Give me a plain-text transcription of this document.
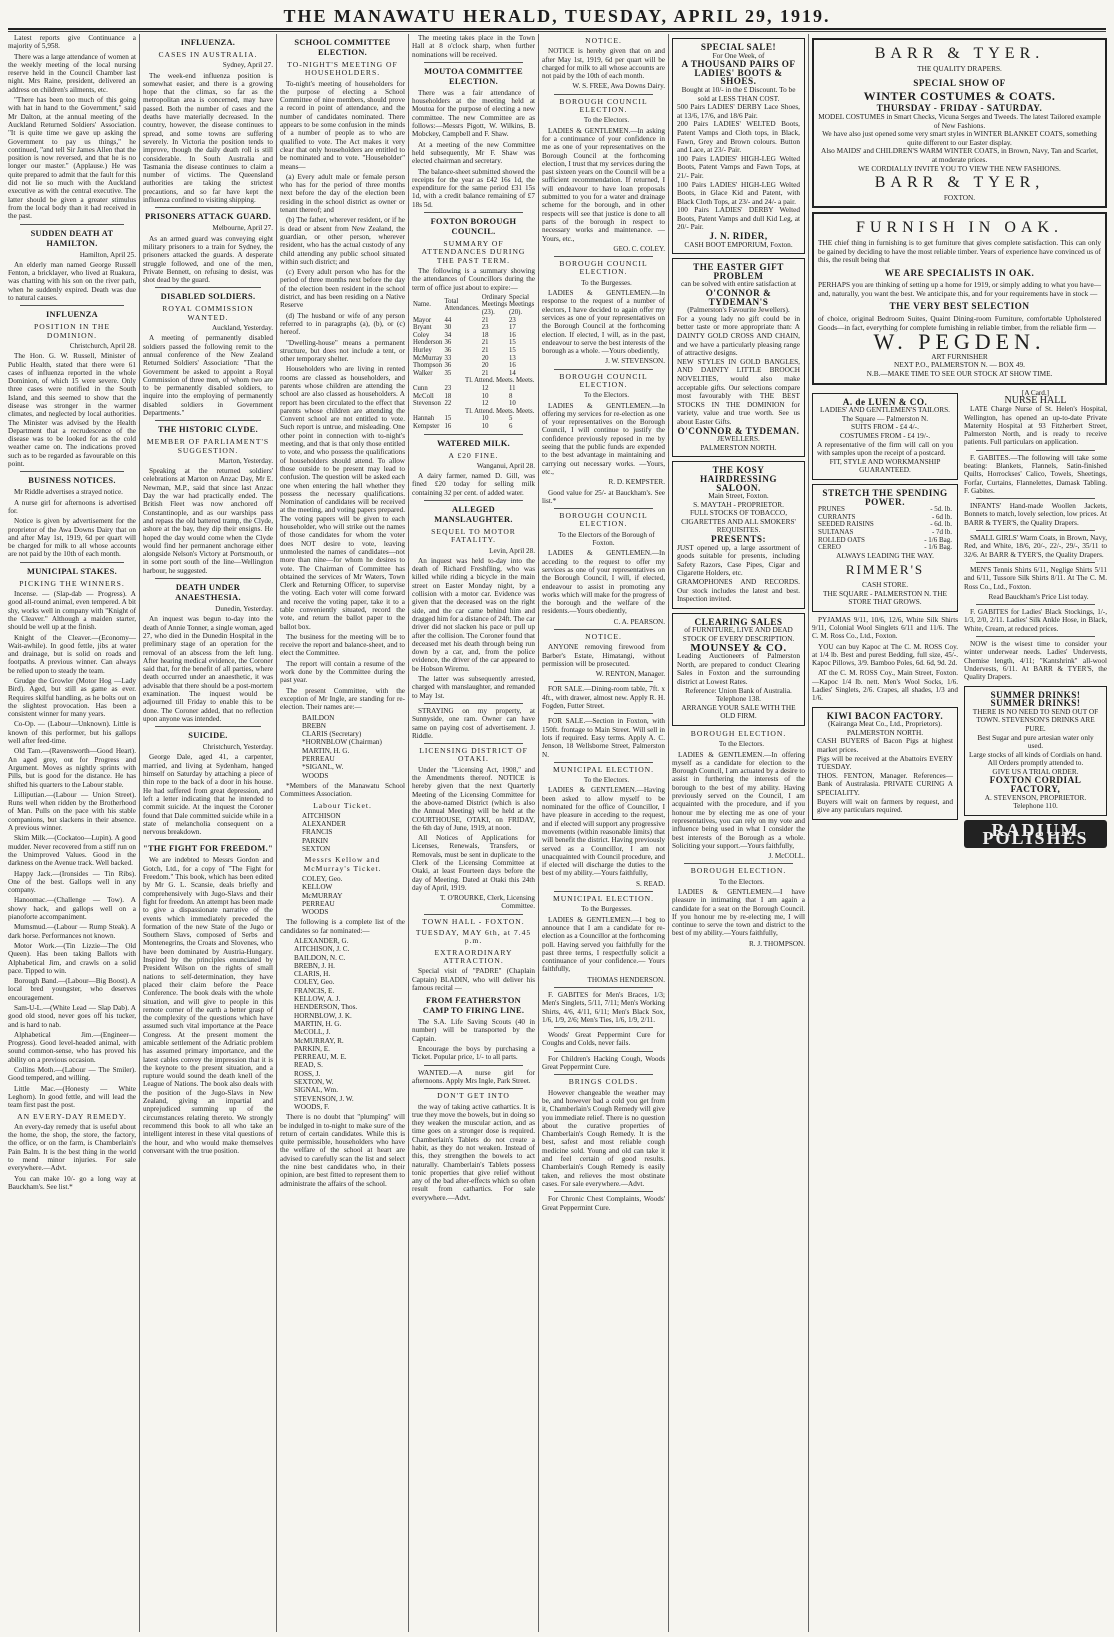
THE MANAWATU HERALD, TUESDAY, APRIL 29, 1919.

Latest reports give Continuance a majority of 5,958.

There was a large attendance of women at the weekly meeting of the local nursing reserve held in the Council Chamber last night. Mrs Raine, president, delivered an address on children's ailments, etc.

"There has been too much of this going with hat in hand to the Government," said Mr Dalton, at the annual meeting of the Auckland Returned Soldiers' Association. "It is quite time we gave up asking the Government to pay us things," he continued, "and tell Sir James Allen that the position is now reversed, and that he is no longer our master." (Applause.) He was quite prepared to admit that the fault for this did not lie so much with the Auckland executive as with the central executive. The latter should be given a greater stimulus from the local body than it had received in the past.

SUDDEN DEATH AT HAMILTON.

Hamilton, April 25.

An elderly man named George Russell Fenton, a bricklayer, who lived at Ruakura, was chatting with his son on the river path, when he suddenly expired. Death was due to natural causes.

INFLUENZA
POSITION IN THE DOMINION.

Christchurch, April 28.

The Hon. G. W. Russell, Minister of Public Health, stated that there were 61 cases of influenza reported in the whole Dominion, of which 15 were severe. Only three cases were notified in the South Island, and this seemed to show that the disease was stronger in the warmer climates, and neglected by local authorities. The Minister was advised by the Health Department that a recrudescence of the disease was to be looked for as the cold weather came on. The indications proved such as to be regarded as favourable on this point.

BUSINESS NOTICES.

Mr Riddle advertises a strayed notice.

A nurse girl for afternoons is advertised for.

Notice is given by advertisement for the proprietor of the Awa Downs Dairy that on and after May 1st, 1919, 6d per quart will be charged for milk to all whose accounts are not paid by the 10th of each month.

MUNICIPAL STAKES.
PICKING THE WINNERS.

Incense. — (Slap-dab — Progress). A good all-round animal, even tempered. A bit shy, works well in company with "Knight of the Cleaver." Although a maiden starter, should be well up at the finish.

Knight of the Cleaver.—(Economy—Wait-awhile). In good fettle, jibs at water and drainage, but is solid on roads and footpaths. A previous winner. Can always be relied upon to steady the team.

Grudge the Growler (Motor Hog —Lady Bird). Aged, but still as game as ever. Requires skilful handling, as he bolts out on the slightest provocation. Has been a consistent winner for many years.

Co-Op. — (Labour—Unknown). Little is known of this performer, but his gallops well after feed-time.

Old Tam.—(Ravensworth—Good Heart). An aged grey, out for Progress and Argument. Moves as nightly sprints with Pills, but is good for the distance. He has shifted his quarters to the Labour stable.

Lilliputian.—(Labour — Union Street). Runs well when ridden by the Brotherhood of Man. Pulls on the pace with his stable companions, but slackens in their absence. A previous winner.

Skim Milk.—(Cockatoo—Lupin). A good mudder. Never recovered from a stiff run on the Unimproved Values. Good in the darkness on the Avenue track. Well backed.

Happy Jack.—(Ironsides — Tin Ribs). One of the best. Gallops well in any company.

Hanoomac.—(Challenge — Tow). A showy hack, and gallops well on a pianoforte accompaniment.

Mumsmud.—(Labour — Rump Steak). A dark horse. Performances not known.

Motor Work.—(Tin Lizzie—The Old Queen). Has been taking Ballots with Alphabetical Jim, and crawls on a solid pace. Tipped to win.

Borough Band.—(Labour—Big Boost). A local bred youngster, who deserves encouragement.

Sam-U-L.—(White Lead — Slap Dab). A good old stood, never goes off his tucker, and is hard to nab.

Alphabetical Jim.—(Engineer—Progress). Good level-headed animal, with sound common-sense, who has proved his ability on a previous occasion.

Collins Moth.—(Labour — The Smiler). Good tempered, and willing.

Little Mac.—(Honesty — White Leghorn). In good fettle, and will lead the team first past the post.

AN EVERY-DAY REMEDY.

An every-day remedy that is useful about the home, the shop, the store, the factory, the office, or on the farm, is Chamberlain's Pain Balm. It is the best thing in the world to mend minor injuries. For sale everywhere.—Advt.

You can make 10/- go a long way at Bauckham's. See list.*

INFLUENZA.
CASES IN AUSTRALIA.

Sydney, April 27.

The week-end influenza position is somewhat easier, and there is a growing hope that the climax, so far as the metropolitan area is concerned, may have passed. Both the number of cases and the deaths have materially decreased. In the country, however, the disease continues to spread, and some towns are suffering severely. In Victoria the position tends to improve, though the daily death roll is still considerable. In South Australia and Tasmania the disease continues to claim a number of victims. The Queensland authorities are taking the strictest precautions, and so far have kept the influenza confined to visiting shipping.

PRISONERS ATTACK GUARD.

Melbourne, April 27.

As an armed guard was conveying eight military prisoners to a train for Sydney, the prisoners attacked the guards. A desperate struggle followed, and one of the men, Private Bennett, on refusing to desist, was shot dead by the guard.

DISABLED SOLDIERS.
ROYAL COMMISSION WANTED.

Auckland, Yesterday.

A meeting of permanently disabled soldiers passed the following remit to the annual conference of the New Zealand Returned Soldiers' Association: "That the Government be asked to appoint a Royal Commission of three men, of whom two are to be permanently disabled soldiers, to inquire into the employing of permanently disabled soldiers in Government Departments."

THE HISTORIC CLYDE.
MEMBER OF PARLIAMENT'S SUGGESTION.

Marton, Yesterday.

Speaking at the returned soldiers' celebrations at Marton on Anzac Day, Mr E. Newman, M.P., said that since last Anzac Day the war had practically ended. The British Fleet was now anchored off Constantinople, and as our warships pass and repass the old battered tramp, the Clyde, ashore at the bay, they dip their ensigns. He hoped the day would come when the Clyde would find her permanent anchorage either alongside Nelson's Victory at Portsmouth, or in some port south of the line—Wellington harbour, he suggested.

DEATH UNDER ANAESTHESIA.

Dunedin, Yesterday.

An inquest was begun to-day into the death of Annie Tonner, a single woman, aged 27, who died in the Dunedin Hospital in the preliminary stage of an operation for the removal of an abscess from the left lung. After hearing medical evidence, the Coroner said that, for the benefit of all parties, where death occurred under an anaesthetic, it was advisable that there should be a post-mortem examination. The inquest would be adjourned till Friday to enable this to be done. The Coroner added, that no reflection upon anyone was intended.

SUICIDE.

Christchurch, Yesterday.

George Dale, aged 41, a carpenter, married, and living at Sydenham, hanged himself on Saturday by attaching a piece of thin rope to the back of a door in his house. He had suffered from great depression, and left a letter indicating that he intended to commit suicide. At the inquest the Coroner found that Dale committed suicide while in a state of melancholia consequent on a nervous breakdown.

"THE FIGHT FOR FREEDOM."

We are indebted to Messrs Gordon and Gotch, Ltd., for a copy of "The Fight for Freedom." This book, which has been edited by Mr G. L. Scansie, deals briefly and comprehensively with Jugo-Slavs and their fight for freedom. An attempt has been made to give a dispassionate narrative of the events which immediately preceded the formation of the new State of the Jugo or Southern Slavs, composed of Serbs and Montenegrins, the Croats and Slovenes, who have been dominated by Austria-Hungary. Inspired by the principles enunciated by President Wilson on the rights of small nations to self-determination, they have placed their claim before the Peace Conference. The book deals with the whole situation, and will give to people in this remote corner of the earth a better grasp of the complexity of the questions which have assumed such vital importance at the Peace Congress. At the present moment the amicable settlement of the Adriatic problem has assumed primary importance, and the latest cables convey the impression that it is the keynote to the present situation, and a rupture would sound the death knell of the League of Nations. The book also deals with the position of the Jugo-Slavs in New Zealand, giving an impartial and unprejudiced summing up of the circumstances relating thereto. We strongly recommend this book to all who take an intelligent interest in these vital questions of the hour, and who would make themselves conversant with the true position.

SCHOOL COMMITTEE ELECTION.
TO-NIGHT'S MEETING OF HOUSEHOLDERS.

To-night's meeting of householders for the purpose of electing a School Committee of nine members, should prove a record in point of attendance, and the number of candidates nominated. There appears to be some confusion in the minds of a number of people as to who are qualified to vote. The Act makes it very clear that only householders are entitled to be nominated and to vote. "Householder" means—

(a) Every adult male or female person who has for the period of three months next before the day of the election been residing in the school district as owner or tenant thereof; and

(b) The father, wherever resident, or if he is dead or absent from New Zealand, the guardian, or other person, wherever resident, who has the actual custody of any child attending any public school situated within such district; and

(c) Every adult person who has for the period of three months next before the day of the election been resident in the school district, and has been residing on a Native Reserve

(d) The husband or wife of any person referred to in paragraphs (a), (b), or (c) hereof.

"Dwelling-house" means a permanent structure, but does not include a tent, or other temporary shelter.

Householders who are living in rented rooms are classed as householders, and parents whose children are attending the school are also classed as householders. A report has been circulated to the effect that parents whose children are attending the Convent school are not entitled to vote. Such report is untrue, and misleading. One other point in connection with to-night's meeting, and that is that only those entitled to vote, and who possess the qualifications of householders should attend. To allow those outside to be present may lead to confusion. The question will be asked each one when entering the hall whether they possess the necessary qualifications. Nomination of candidates will be received at the meeting, and voting papers prepared. The voting papers will be given to each householder, who will strike out the names of those candidates for whom the voter does NOT desire to vote, leaving unmolested the names of candidates—not more than nine—for whom he desires to vote. The Chairman of Committee has obtained the services of Mr Waters, Town Clerk and Returning Officer, to supervise the voting. Each voter will come forward and receive the voting paper, take it to a table conveniently situated, record the vote, and return the ballot paper to the ballot box.

The business for the meeting will be to receive the report and balance-sheet, and to elect the Committee.

The report will contain a resume of the work done by the Committee during the past year.

The present Committee, with the exception of Mr Ingle, are standing for re-election. Their names are:—

BAILDON
BREBN
CLARIS (Secretary)
*HORNBLOW (Chairman)
MARTIN, H. G.
PERREAU
*SIGANL, W.
WOODS

*Members of the Manawatu School Committees Association.

Labour Ticket.
AITCHISON
ALEXANDER
FRANCIS
PARKIN
SEXTON
Messrs Kellow and McMurray's Ticket.
COLEY, Geo.
KELLOW
McMURRAY
PERREAU
WOODS

The following is a complete list of the candidates so far nominated:—

ALEXANDER, G.
AITCHISON, J. C.
BAILDON, N. C.
BREBN, J. H.
CLARIS, H.
COLEY, Geo.
FRANCIS, E.
KELLOW, A. J.
HENDERSON, Thos.
HORNBLOW, J. K.
MARTIN, H. G.
McCOLL, J.
McMURRAY, R.
PARKIN, E.
PERREAU, M. E.
READ, S.
ROSS, J.
SEXTON, W.
SIGNAL, Wm.
STEVENSON, J. W.
WOODS, F.

There is no doubt that "plumping" will be indulged in to-night to make sure of the return of certain candidates. While this is quite permissible, householders who have the welfare of the school at heart are advised to carefully scan the list and select the nine best candidates who, in their opinion, are best fitted to represent them to administrate the affairs of the school.

The meeting takes place in the Town Hall at 8 o'clock sharp, when further nominations will be received.

MOUTOA COMMITTEE ELECTION.

There was a fair attendance of householders at the meeting held at Moutoa for the purpose of electing a new committee. The new Committee are as follows:—Messrs Pigott, W. Wilkins, B. Mobckey, Campbell and F. Shaw.

At a meeting of the new Committee held subsequently, Mr F. Shaw was elected chairman and secretary.

The balance-sheet submitted showed the receipts for the year as £42 16s 1d, the expenditure for the same period £31 15s 1d, with a credit balance remaining of £7 18s 5d.

FOXTON BOROUGH COUNCIL.
SUMMARY OF ATTENDANCES DURING THE PAST TERM.

The following is a summary showing the attendances of Councillors during the term of office just about to expire:—

Name.	Total Attendances.	Ordinary Meetings (23).	Special Meetings (20).
Mayor	44	21	23
Bryant	30	23	17
Coley	34	18	16
Henderson	36	21	15
Hurley	36	21	15
McMurray	33	20	13
Thompson	36	20	16
Walker	35	21	14
Tl. Attend. Meets. Meets.			
Cunn	23	12	11
McColl	18	10	8
Stevenson	22	12	10
Tl. Attend. Meets. Meets.			
Hannah	15	10	5
Kempster	16	10	6
WATERED MILK.
A £20 FINE.

Wanganui, April 28.

A dairy farmer, named D. Gill, was fined £20 today for selling milk containing 32 per cent. of added water.

ALLEGED MANSLAUGHTER.
SEQUEL TO MOTOR FATALITY.

Levin, April 28.

An inquest was held to-day into the death of Richard Freshfling, who was killed while riding a bicycle in the main street on Easter Monday night, by a collision with a motor car. Evidence was given that the deceased was on the right side, and the car came behind him and dragged him for a distance of 24ft. The car driver did not slacken his pace or pull up after the collision. The Coroner found that deceased met his death through being run down by a car, and, from the police evidence, the driver of the car appeared to be Hobson Wiremu.

The latter was subsequently arrested, charged with manslaughter, and remanded to May 1st.

STRAYING on my property, at Sunnyside, one ram. Owner can have same on paying cost of advertisement. J. Riddle.

LICENSING DISTRICT OF OTAKI.

Under the "Licensing Act, 1908," and the Amendments thereof. NOTICE is hereby given that the next Quarterly Meeting of the Licensing Committee for the above-named District (which is also the Annual Meeting) will be held at the COURTHOUSE, OTAKI, on FRIDAY, the 6th day of June, 1919, at noon.

All Notices of Applications for Licenses, Renewals, Transfers, or Removals, must be sent in duplicate to the Clerk of the Licensing Committee at Otaki, at least Fourteen days before the day of Meeting. Dated at Otaki this 24th day of April, 1919.

T. O'ROURKE, Clerk, Licensing Committee.

TOWN HALL - FOXTON.
TUESDAY, MAY 6th, at 7.45 p.m.
EXTRAORDINARY ATTRACTION.

Special visit of "PADRE" (Chaplain Captain) BLADIN, who will deliver his famous recital —

FROM FEATHERSTON CAMP TO FIRING LINE.

The S.A. Life Saving Scouts (40 in number) will be transported by the Captain.

Encourage the boys by purchasing a Ticket. Popular price, 1/- to all parts.

WANTED.—A nurse girl for afternoons. Apply Mrs Ingle, Park Street.

DON'T GET INTO

the way of taking active cathartics. It is true they move the bowels, but in doing so they weaken the muscular action, and as time goes on a stronger dose is required. Chamberlain's Tablets do not create a habit, as they do not weaken. Instead of this, they strengthen the bowels to act naturally. Chamberlain's Tablets possess tonic properties that give relief without any of the bad after-effects which so often result from cathartics. For sale everywhere.—Advt.

NOTICE.

NOTICE is hereby given that on and after May 1st, 1919, 6d per quart will be charged for milk to all whose accounts are not paid by the 10th of each month.

W. S. FREE, Awa Downs Dairy.

BOROUGH COUNCIL ELECTION.

To the Electors.

LADIES & GENTLEMEN.—In asking for a continuance of your confidence in me as one of your representatives on the Borough Council at the forthcoming election, I trust that my services during the past sixteen years on the Council will be a sufficient recommendation. If returned, I will endeavour to have loan proposals submitted to you for a water and drainage scheme for the borough, and in other respects will see that justice is done to all parts of the borough in respect to necessary works and maintenance. —Yours, etc.,

GEO. C. COLEY.

BOROUGH COUNCIL ELECTION.

To the Burgesses.

LADIES & GENTLEMEN.—In response to the request of a number of electors, I have decided to again offer my services as one of your representatives on the Borough Council at the forthcoming election. If elected, I will, as in the past, endeavour to serve the best interests of the borough as a whole. —Yours obediently,

J. W. STEVENSON.

BOROUGH COUNCIL ELECTION.

To the Electors.

LADIES & GENTLEMEN.—In offering my services for re-election as one of your representatives on the Borough Council, I will continue to justify the confidence previously reposed in me by seeing that the public funds are expended to the best advantage in maintaining and carrying out necessary works. —Yours, etc.,

R. D. KEMPSTER.

Good value for 25/- at Bauckham's. See list.*

BOROUGH COUNCIL ELECTION.

To the Electors of the Borough of Foxton.

LADIES & GENTLEMEN.—In acceding to the request to offer my services as one of your representatives on the Borough Council, I will, if elected, endeavour to assist in promoting any works which will make for the progress of the borough and the welfare of the residents.—Yours obediently,

C. A. PEARSON.

NOTICE.

ANYONE removing firewood from Barber's Estate, Himatangi, without permission will be prosecuted.

W. RENTON, Manager.

FOR SALE.—Dining-room table, 7ft. x 4ft., with drawer, almost new. Apply R. H. Fogden, Futter Street.

FOR SALE.—Section in Foxton, with 150ft. frontage to Main Street. Will sell in lots if required. Easy terms. Apply A. C. Jenson, 18 Wellsborne Street, Palmerston N.

MUNICIPAL ELECTION.

To the Electors.

LADIES & GENTLEMEN.—Having been asked to allow myself to be nominated for the office of Councillor, I have pleasure in acceding to the request, and if elected will support any progressive movements (within reasonable limits) that will benefit the district. Having previously served as a Councillor, I am not unacquainted with Council procedure, and if elected will discharge the duties to the best of my ability.—Yours faithfully,

S. READ.

MUNICIPAL ELECTION.

To the Burgesses.

LADIES & GENTLEMEN.—I beg to announce that I am a candidate for re-election as a Councillor at the forthcoming poll. Having served you faithfully for the past three terms, I respectfully solicit a continuance of your confidence.— Yours faithfully,

THOMAS HENDERSON.

F. GABITES for Men's Braces, 1/3; Men's Singlets, 5/11, 7/11; Men's Working Shirts, 4/6, 4/11, 6/11; Men's Black Sox, 1/6, 1/9, 2/6; Men's Ties, 1/6, 1/9, 2/11.

Woods' Great Peppermint Cure for Coughs and Colds, never fails.

For Children's Hacking Cough, Woods Great Peppermint Cure.

BRINGS COLDS.

However changeable the weather may be, and however bad a cold you get from it, Chamberlain's Cough Remedy will give you immediate relief. There is no question about the curative properties of Chamberlain's Cough Remedy. It is the best, safest and most reliable cough medicine sold. Young and old can take it and feel certain of good results. Chamberlain's Cough Remedy is easily taken, and relieves the most obstinate cases. For sale everywhere.—Advt.

For Chronic Chest Complaints, Woods' Great Peppermint Cure.

SPECIAL SALE!
For One Week, of
A THOUSAND PAIRS OF LADIES' BOOTS & SHOES.
Bought at 10/- in the £ Discount. To be sold at LESS THAN COST.
500 Pairs LADIES' DERBY Lace Shoes, at 13/6, 17/6, and 18/6 Pair.
200 Pairs LADIES' WELTED Boots, Patent Vamps and Cloth tops, in Black, Fawn, Grey and Brown colours. Button and Lace, at 23/- Pair.
100 Pairs LADIES' HIGH-LEG Welted Boots, Patent Vamps and Fawn Tops, at 21/- Pair.
100 Pairs LADIES' HIGH-LEG Welted Boots, in Glace Kid and Patent, with Black Cloth Tops, at 23/- and 24/- a pair.
100 Pairs LADIES' DERBY Welted Boots, Patent Vamps and dull Kid Leg, at 20/- Pair.
J. N. RIDER,
CASH BOOT EMPORIUM, Foxton.
THE EASTER GIFT PROBLEM
can be solved with entire satisfaction at
O'CONNOR & TYDEMAN'S
(Palmerston's Favourite Jewellers).
For a young lady no gift could be in better taste or more appropriate than: A DAINTY GOLD CROSS AND CHAIN, and we have a particularly pleasing range of attractive designs.
NEW STYLES IN GOLD BANGLES, AND DAINTY LITTLE BROOCH NOVELTIES, would also make acceptable gifts. Our selections compare most favourably with THE BEST STOCKS IN THE DOMINION for variety, value and true worth. See us about Easter Gifts.
O'CONNOR & TYDEMAN.
JEWELLERS.
PALMERSTON NORTH.
THE KOSY HAIRDRESSING SALOON.
Main Street, Foxton.
S. MAYTAH - PROPRIETOR.
FULL STOCKS OF TOBACCO, CIGARETTES AND ALL SMOKERS' REQUISITES.
PRESENTS:
JUST opened up, a large assortment of goods suitable for presents, including Safety Razors, Case Pipes, Cigar and Cigarette Holders, etc.
GRAMOPHONES AND RECORDS. Our stock includes the latest and best. Inspection invited.
CLEARING SALES
of FURNITURE, LIVE AND DEAD STOCK OF EVERY DESCRIPTION.
MOUNSEY & CO.
Leading Auctioneers of Palmerston North, are prepared to conduct Clearing Sales in Foxton and the surrounding district at Lowest Rates.
Reference: Union Bank of Australia.
Telephone 138.
ARRANGE YOUR SALE WITH THE OLD FIRM.
BOROUGH ELECTION.

To the Electors.

LADIES & GENTLEMEN.—In offering myself as a candidate for election to the Borough Council, I am actuated by a desire to assist in furthering the interests of the borough to the best of my ability. Having previously served on the Council, I am acquainted with the procedure, and if you honour me by electing me as one of your representatives, you can rely on my vote and influence being used in what I consider the best interests of the Borough as a whole. Soliciting your support.—Yours faithfully,

J. McCOLL.

BOROUGH ELECTION.

To the Electors.

LADIES & GENTLEMEN.—I have pleasure in intimating that I am again a candidate for a seat on the Borough Council. If you honour me by re-electing me, I will continue to serve the town and district to the best of my ability.—Yours faithfully,

R. J. THOMPSON.

BARR & TYER.
THE QUALITY DRAPERS.
SPECIAL SHOW OF
WINTER COSTUMES & COATS.
THURSDAY - FRIDAY - SATURDAY.
MODEL COSTUMES in Smart Checks, Vicuna Serges and Tweeds. The latest Tailored example of New Fashions.
We have also just opened some very smart styles in WINTER BLANKET COATS, something quite different to our Easter display.
Also MAIDS' and CHILDREN'S WARM WINTER COATS, in Brown, Navy, Tan and Scarlet, at moderate prices.
WE CORDIALLY INVITE YOU TO VIEW THE NEW FASHIONS.
BARR & TYER,
FOXTON.
FURNISH IN OAK.
THE chief thing in furnishing is to get furniture that gives complete satisfaction. This can only be gained by deciding to have the most reliable timber. Years of experience have convinced us of this, the result being that
WE ARE SPECIALISTS IN OAK.
PERHAPS you are thinking of setting up a home for 1919, or simply adding to what you have—and, naturally, you want the best. We anticipate this, and for your requirements have in stock —
THE VERY BEST SELECTION
of choice, original Bedroom Suites, Quaint Dining-room Furniture, comfortable Upholstered Goods—in fact, everything for complete furnishing in reliable timber, from the reliable firm —
W. PEGDEN.
ART FURNISHER
NEXT P.O., PALMERSTON N. — BOX 49.
N.B.—MAKE TIME TO SEE OUR STOCK AT SHOW TIME.
A. de LUEN & CO.
LADIES' AND GENTLEMEN'S TAILORS.
The Square — Palmerston N.
SUITS FROM - £4 4/-.
COSTUMES FROM - £4 19/-.
A representative of the firm will call on you with samples upon the receipt of a postcard.
FIT, STYLE AND WORKMANSHIP GUARANTEED.
STRETCH THE SPENDING POWER.
PRUNES	- 5d. lb.
CURRANTS	- 6d lb.
SEEDED RAISINS	- 6d. lb.
SULTANAS	- 7d lb.
ROLLED OATS	- 1/6 Bag.
CEREO	- 1/6 Bag.
ALWAYS LEADING THE WAY.
RIMMER'S
CASH STORE.
THE SQUARE - PALMERSTON N. THE STORE THAT GROWS.

PYJAMAS 9/11, 10/6, 12/6, White Silk Shirts 9/11, Colonial Wool Singlets 6/11 and 11/6. The C. M. Ross Co., Ltd., Foxton.

YOU can buy Kapoc at The C. M. ROSS Coy. at 1/4 lb. Best and purest Bedding, full size, 45/-. Kapoc Pillows, 3/9. Bamboo Poles, 6d. 6d, 9d. 2d.

AT the C. M. ROSS Coy., Main Street, Foxton.—Kapoc 1/4 lb. nett. Men's Wool Socks, 1/6. Ladies' Singlets, 2/6. Crapes, all shades, 1/3 and 1/6.

KIWI BACON FACTORY.
(Kairanga Meat Co., Ltd., Proprietors).
PALMERSTON NORTH.
CASH BUYERS of Bacon Pigs at highest market prices.
Pigs will be received at the Abattoirs EVERY TUESDAY.
THOS. FENTON, Manager. References—Bank of Australasia. PRIVATE CURING A SPECIALITY.
Buyers will wait on farmers by request, and give any particulars required.
[A Card.]
NURSE HALL

LATE Charge Nurse of St. Helen's Hospital, Wellington, has opened an up-to-date Private Maternity Hospital at 93 Fitzherbert Street, Palmerston North, and is ready to receive patients. Full particulars on application.

F. GABITES.—The following will take some beating: Blankets, Flannels, Satin-finished Quilts, Horrockses' Calico, Towels, Sheetings, Forfar, Curtains, Flannelettes, Damask Tabling. F. Gabites.

INFANTS' Hand-made Woollen Jackets, Bonnets to match, lovely selection, low prices. At BARR & TYER'S, the Quality Drapers.

SMALL GIRLS' Warm Coats, in Brown, Navy, Red, and White, 18/6, 20/-, 22/-, 29/-, 35/11 to 32/6. At BARR & TYER'S, the Quality Drapers.

MEN'S Tennis Shirts 6/11, Neglige Shirts 5/11 and 6/11, Tussore Silk Shirts 8/11. At The C. M. Ross Co., Ltd., Foxton.

Read Bauckham's Price List today.

F. GABITES for Ladies' Black Stockings, 1/-, 1/3, 2/0, 2/11. Ladies' Silk Ankle Hose, in Black, White, Cream, at reduced prices.

NOW is the wisest time to consider your winter underwear needs. Ladies' Undervests, Chemise length, 4/11; "Kantshrink" all-wool Undervests, 6/11. At BARR & TYER'S, the Quality Drapers.

SUMMER DRINKS! SUMMER DRINKS!
THERE IS NO NEED TO SEND OUT OF TOWN. STEVENSON'S DRINKS ARE PURE.
Best Sugar and pure artesian water only used.
Large stocks of all kinds of Cordials on hand.
All Orders promptly attended to.
GIVE US A TRIAL ORDER.
FOXTON CORDIAL FACTORY,
A. STEVENSON, PROPRIETOR. Telephone 110.
RADIUM POLISHES
